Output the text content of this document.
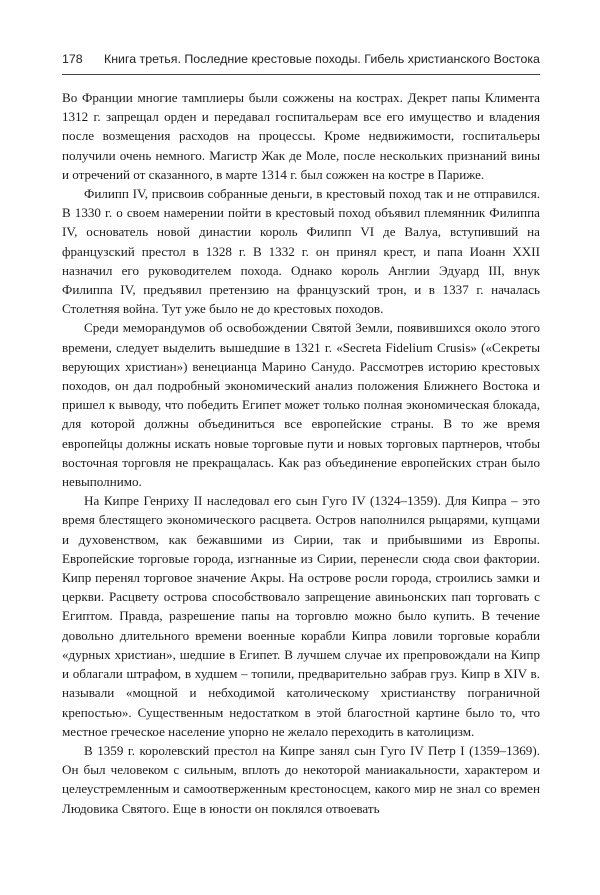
178 Книга третья. Последние крестовые походы. Гибель христианского Востока

Во Франции многие тамплиеры были сожжены на кострах. Декрет папы Климента 1312 г. запрещал орден и передавал госпитальерам все его имущество и владения после возмещения расходов на процессы. Кроме недвижимости, госпитальеры получили очень немного. Магистр Жак де Моле, после нескольких признаний вины и отречений от сказанного, в марте 1314 г. был сожжен на костре в Париже.

Филипп IV, присвоив собранные деньги, в крестовый поход так и не отправился. В 1330 г. о своем намерении пойти в крестовый поход объявил племянник Филиппа IV, основатель новой династии король Филипп VI де Валуа, вступивший на французский престол в 1328 г. В 1332 г. он принял крест, и папа Иоанн XXII назначил его руководителем похода. Однако король Англии Эдуард III, внук Филиппа IV, предъявил претензию на французский трон, и в 1337 г. началась Столетняя война. Тут уже было не до крестовых походов.

Среди меморандумов об освобождении Святой Земли, появившихся около этого времени, следует выделить вышедшие в 1321 г. «Secreta Fidelium Crusis» («Секреты верующих христиан») венецианца Марино Санудо. Рассмотрев историю крестовых походов, он дал подробный экономический анализ положения Ближнего Востока и пришел к выводу, что победить Египет может только полная экономическая блокада, для которой должны объединиться все европейские страны. В то же время европейцы должны искать новые торговые пути и новых торговых партнеров, чтобы восточная торговля не прекращалась. Как раз объединение европейских стран было невыполнимо.

На Кипре Генриху II наследовал его сын Гуго IV (1324–1359). Для Кипра – это время блестящего экономического расцвета. Остров наполнился рыцарями, купцами и духовенством, как бежавшими из Сирии, так и прибывшими из Европы. Европейские торговые города, изгнанные из Сирии, перенесли сюда свои фактории. Кипр перенял торговое значение Акры. На острове росли города, строились замки и церкви. Расцвету острова способствовало запрещение авиньонских пап торговать с Египтом. Правда, разрешение папы на торговлю можно было купить. В течение довольно длительного времени военные корабли Кипра ловили торговые корабли «дурных христиан», шедшие в Египет. В лучшем случае их препровождали на Кипр и облагали штрафом, в худшем – топили, предварительно забрав груз. Кипр в XIV в. называли «мощной и небходимой католическому христианству пограничной крепостью». Существенным недостатком в этой благостной картине было то, что местное греческое население упорно не желало переходить в католицизм.

В 1359 г. королевский престол на Кипре занял сын Гуго IV Петр I (1359–1369). Он был человеком с сильным, вплоть до некоторой маниакальности, характером и целеустремленным и самоотверженным крестоносцем, какого мир не знал со времен Людовика Святого. Еще в юности он поклялся отвоевать
